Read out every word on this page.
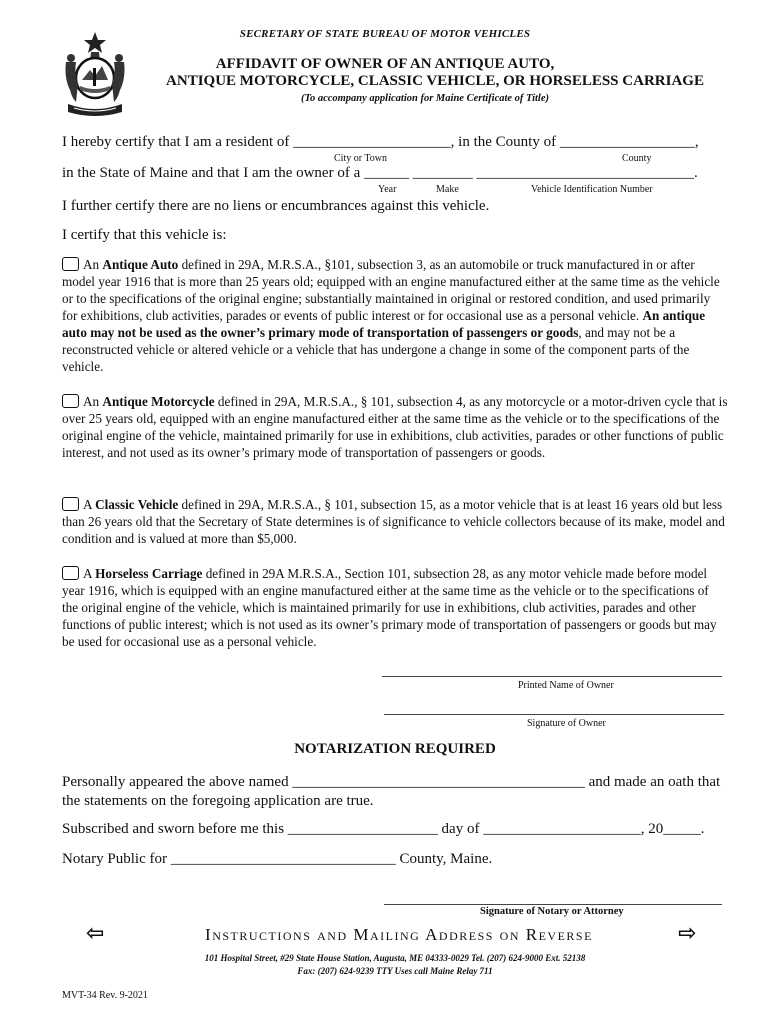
SECRETARY OF STATE BUREAU OF MOTOR VEHICLES
AFFIDAVIT OF OWNER OF AN ANTIQUE AUTO,
ANTIQUE MOTORCYCLE, CLASSIC VEHICLE, OR HORSELESS CARRIAGE
(To accompany application for Maine Certificate of Title)
I hereby certify that I am a resident of _____________________, in the County of __________________,
City or Town	County
in the State of Maine and that I am the owner of a ______ ________ _____________________________.
Year	Make	Vehicle Identification Number
I further certify there are no liens or encumbrances against this vehicle.
I certify that this vehicle is:
An Antique Auto defined in 29A, M.R.S.A., §101, subsection 3, as an automobile or truck manufactured in or after model year 1916 that is more than 25 years old; equipped with an engine manufactured either at the same time as the vehicle or to the specifications of the original engine; substantially maintained in original or restored condition, and used primarily for exhibitions, club activities, parades or events of public interest or for occasional use as a personal vehicle. An antique auto may not be used as the owner’s primary mode of transportation of passengers or goods, and may not be a reconstructed vehicle or altered vehicle or a vehicle that has undergone a change in some of the component parts of the vehicle.
An Antique Motorcycle defined in 29A, M.R.S.A., § 101, subsection 4, as any motorcycle or a motor-driven cycle that is over 25 years old, equipped with an engine manufactured either at the same time as the vehicle or to the specifications of the original engine of the vehicle, maintained primarily for use in exhibitions, club activities, parades or other functions of public interest, and not used as its owner’s primary mode of transportation of passengers or goods.
A Classic Vehicle defined in 29A, M.R.S.A., § 101, subsection 15, as a motor vehicle that is at least 16 years old but less than 26 years old that the Secretary of State determines is of significance to vehicle collectors because of its make, model and condition and is valued at more than $5,000.
A Horseless Carriage defined in 29A M.R.S.A., Section 101, subsection 28, as any motor vehicle made before model year 1916, which is equipped with an engine manufactured either at the same time as the vehicle or to the specifications of the original engine of the vehicle, which is maintained primarily for use in exhibitions, club activities, parades and other functions of public interest; which is not used as its owner’s primary mode of transportation of passengers or goods but may be used for occasional use as a personal vehicle.
Printed Name of Owner
Signature of Owner
NOTARIZATION REQUIRED
Personally appeared the above named _______________________________________ and made an oath that
the statements on the foregoing application are true.
Subscribed and sworn before me this ____________________ day of _____________________, 20_____.
Notary Public for ______________________________ County, Maine.
Signature of Notary or Attorney
⇦	Instructions and Mailing Address on Reverse	⇨
101 Hospital Street, #29 State House Station, Augusta, ME 04333-0029 Tel. (207) 624-9000 Ext. 52138
Fax: (207) 624-9239 TTY Uses call Maine Relay 711
MVT-34 Rev. 9-2021
